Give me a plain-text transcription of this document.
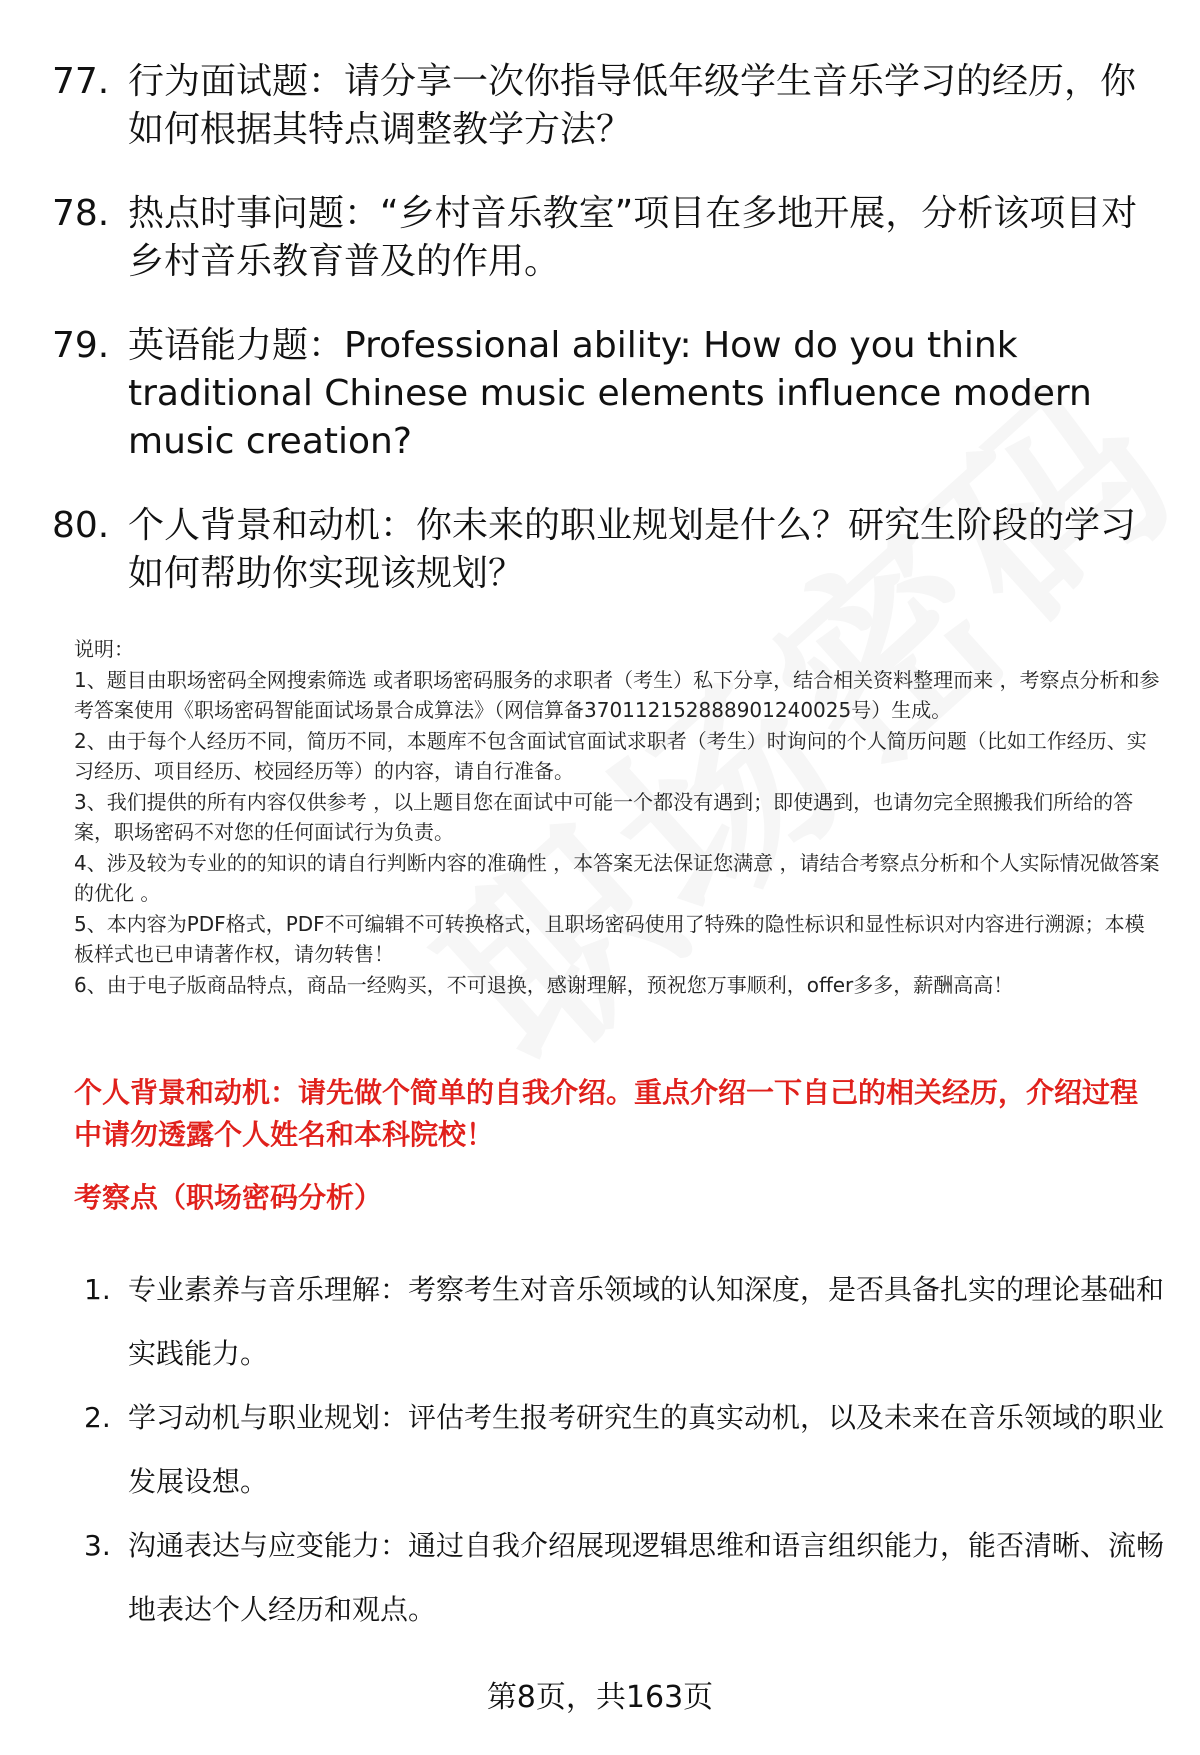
77. 行为面试题：请分享一次你指导低年级学生音乐学习的经历，你如何根据其特点调整教学方法？
78. 热点时事问题：“乡村音乐教室”项目在多地开展，分析该项目对乡村音乐教育普及的作用。
79. 英语能力题：Professional ability: How do you think traditional Chinese music elements influence modern music creation?
80. 个人背景和动机：你未来的职业规划是什么？研究生阶段的学习如何帮助你实现该规划？

说明：

1、题目由职场密码全网搜索筛选 或者职场密码服务的求职者（考生）私下分享，结合相关资料整理而来 ，考察点分析和参考答案使用《职场密码智能面试场景合成算法》（网信算备370112152888901240025号）生成。

2、由于每个人经历不同，简历不同，本题库不包含面试官面试求职者（考生）时询问的个人简历问题（比如工作经历、实习经历、项目经历、校园经历等）的内容，请自行准备。

3、我们提供的所有内容仅供参考 ，以上题目您在面试中可能一个都没有遇到；即使遇到，也请勿完全照搬我们所给的答案，职场密码不对您的任何面试行为负责。

4、涉及较为专业的的知识的请自行判断内容的准确性 ，本答案无法保证您满意 ，请结合考察点分析和个人实际情况做答案的优化 。

5、本内容为PDF格式，PDF不可编辑不可转换格式，且职场密码使用了特殊的隐性标识和显性标识对内容进行溯源；本模板样式也已申请著作权，请勿转售！

6、由于电子版商品特点，商品一经购买，不可退换，感谢理解，预祝您万事顺利，offer多多，薪酬高高！

个人背景和动机：请先做个简单的自我介绍。重点介绍一下自己的相关经历，介绍过程中请勿透露个人姓名和本科院校！
考察点（职场密码分析）
1. 专业素养与音乐理解：考察考生对音乐领域的认知深度，是否具备扎实的理论基础和实践能力。
2. 学习动机与职业规划：评估考生报考研究生的真实动机，以及未来在音乐领域的职业发展设想。
3. 沟通表达与应变能力：通过自我介绍展现逻辑思维和语言组织能力，能否清晰、流畅地表达个人经历和观点。
第8页，共163页
